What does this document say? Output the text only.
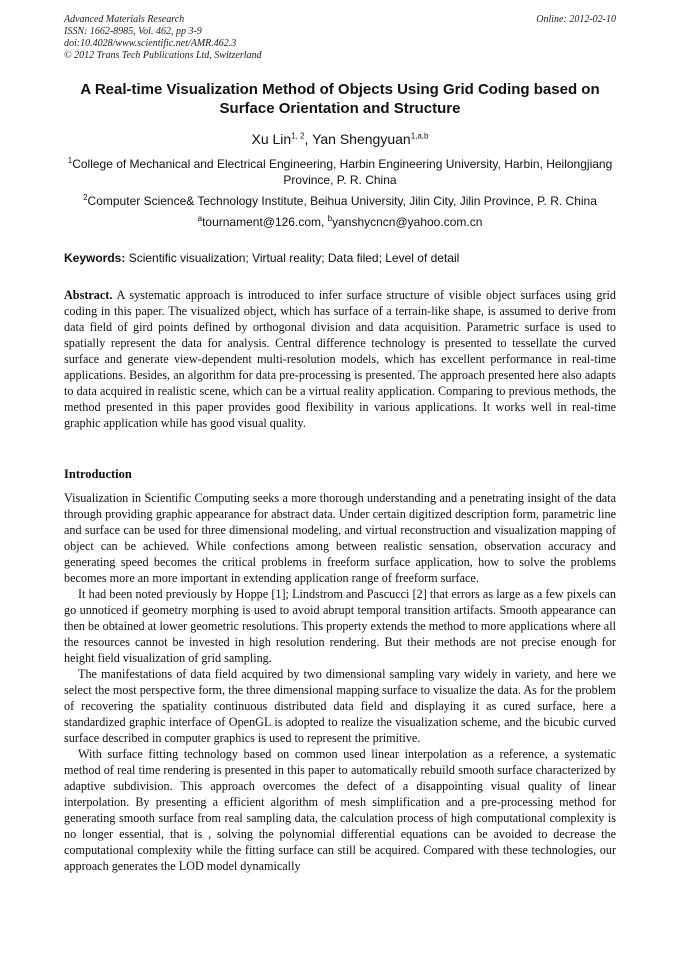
Advanced Materials Research
ISSN: 1662-8985, Vol. 462, pp 3-9
doi:10.4028/www.scientific.net/AMR.462.3
© 2012 Trans Tech Publications Ltd, Switzerland
Online: 2012-02-10
A Real-time Visualization Method of Objects Using Grid Coding based on Surface Orientation and Structure
Xu Lin$^{1, 2}$, Yan Shengyuan$^{1,a,b}$
$^1$College of Mechanical and Electrical Engineering, Harbin Engineering University, Harbin, Heilongjiang Province, P. R. China
$^2$Computer Science& Technology Institute, Beihua University, Jilin City, Jilin Province, P. R. China
$^a$tournament@126.com, $^b$yanshycncn@yahoo.com.cn
Keywords: Scientific visualization; Virtual reality; Data filed; Level of detail
Abstract. A systematic approach is introduced to infer surface structure of visible object surfaces using grid coding in this paper. The visualized object, which has surface of a terrain-like shape, is assumed to derive from data field of gird points defined by orthogonal division and data acquisition. Parametric surface is used to spatially represent the data for analysis. Central difference technology is presented to tessellate the curved surface and generate view-dependent multi-resolution models, which has excellent performance in real-time applications. Besides, an algorithm for data pre-processing is presented. The approach presented here also adapts to data acquired in realistic scene, which can be a virtual reality application. Comparing to previous methods, the method presented in this paper provides good flexibility in various applications. It works well in real-time graphic application while has good visual quality.
Introduction

Visualization in Scientific Computing seeks a more thorough understanding and a penetrating insight of the data through providing graphic appearance for abstract data. Under certain digitized description form, parametric line and surface can be used for three dimensional modeling, and virtual reconstruction and visualization mapping of object can be achieved. While confections among between realistic sensation, observation accuracy and generating speed becomes the critical problems in freeform surface application, how to solve the problems becomes more an more important in extending application range of freeform surface.

It had been noted previously by Hoppe [1]; Lindstrom and Pascucci [2] that errors as large as a few pixels can go unnoticed if geometry morphing is used to avoid abrupt temporal transition artifacts. Smooth appearance can then be obtained at lower geometric resolutions. This property extends the method to more applications where all the resources cannot be invested in high resolution rendering. But their methods are not precise enough for height field visualization of grid sampling.

The manifestations of data field acquired by two dimensional sampling vary widely in variety, and here we select the most perspective form, the three dimensional mapping surface to visualize the data. As for the problem of recovering the spatiality continuous distributed data field and displaying it as cured surface, here a standardized graphic interface of OpenGL is adopted to realize the visualization scheme, and the bicubic curved surface described in computer graphics is used to represent the primitive.

With surface fitting technology based on common used linear interpolation as a reference, a systematic method of real time rendering is presented in this paper to automatically rebuild smooth surface characterized by adaptive subdivision. This approach overcomes the defect of a disappointing visual quality of linear interpolation. By presenting a efficient algorithm of mesh simplification and a pre-processing method for generating smooth surface from real sampling data, the calculation process of high computational complexity is no longer essential, that is , solving the polynomial differential equations can be avoided to decrease the computational complexity while the fitting surface can still be acquired. Compared with these technologies, our approach generates the LOD model dynamically
